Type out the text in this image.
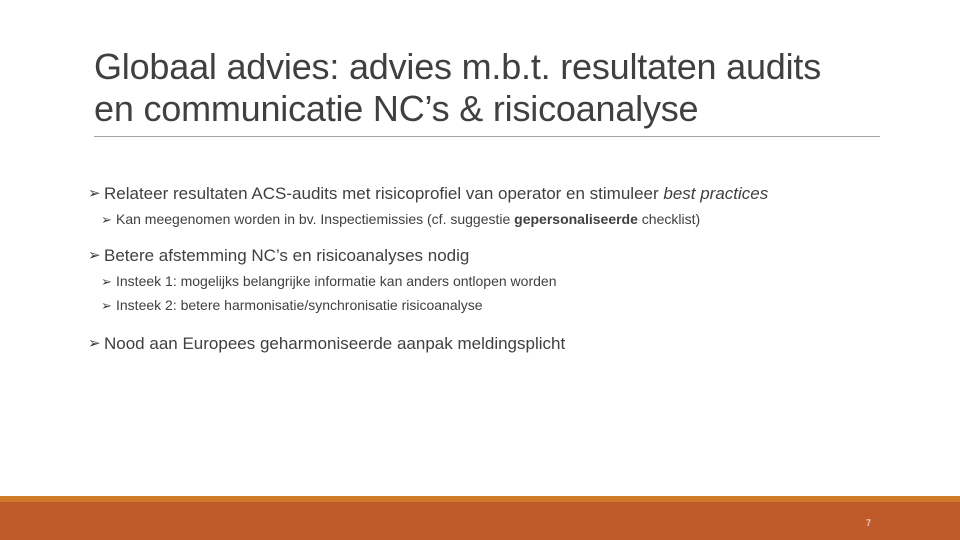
Globaal advies: advies m.b.t. resultaten audits
en communicatie NC’s & risicoanalyse
➢ Relateer resultaten ACS-audits met risicoprofiel van operator en stimuleer best practices
➢ Kan meegenomen worden in bv. Inspectiemissies (cf. suggestie gepersonaliseerde checklist)
➢ Betere afstemming NC’s en risicoanalyses nodig
➢ Insteek 1: mogelijks belangrijke informatie kan anders ontlopen worden
➢ Insteek 2: betere harmonisatie/synchronisatie risicoanalyse
➢ Nood aan Europees geharmoniseerde aanpak meldingsplicht
7
